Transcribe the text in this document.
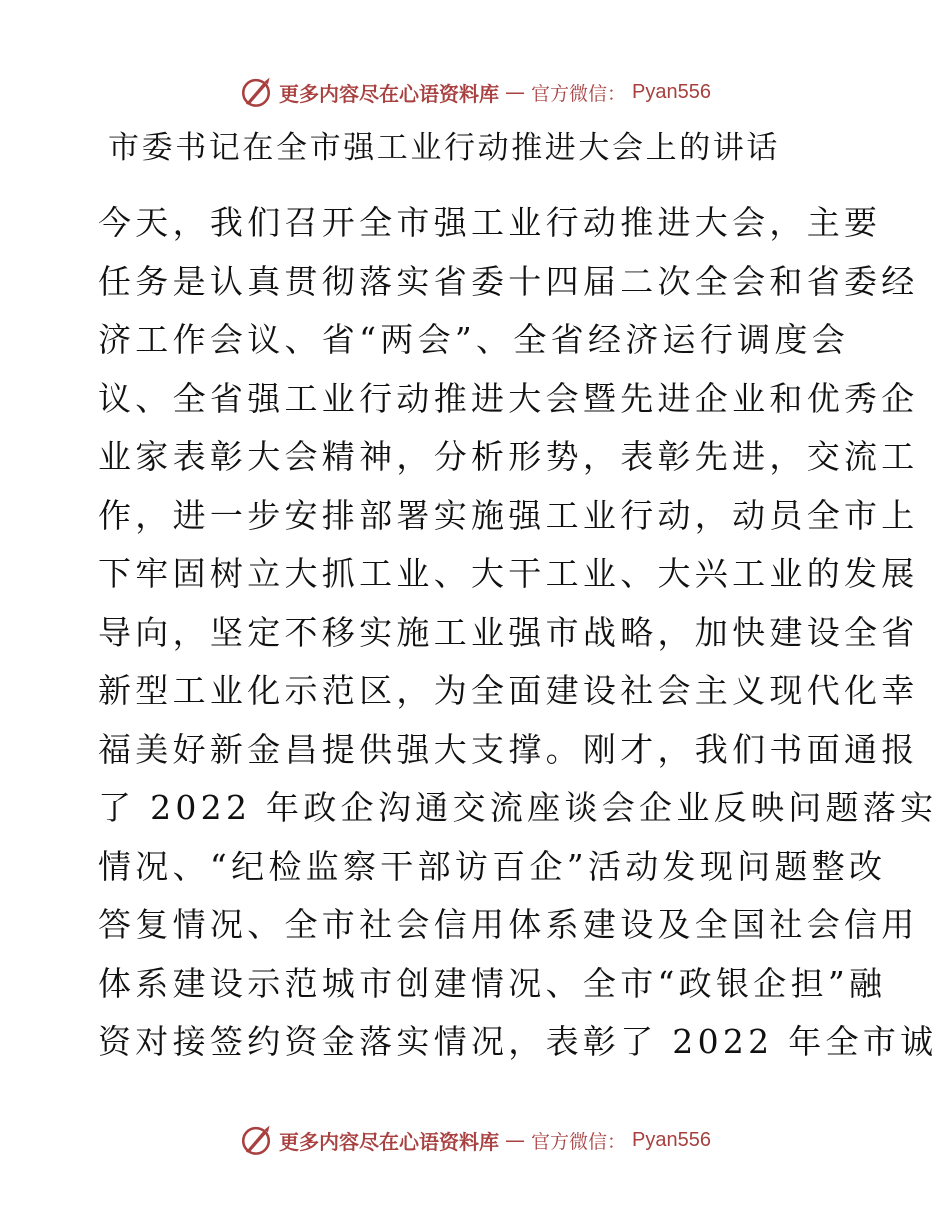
更多内容尽在心语资料库 — 官方微信： Pyan556
市委书记在全市强工业行动推进大会上的讲话
今天，我们召开全市强工业行动推进大会，主要
任务是认真贯彻落实省委十四届二次全会和省委经
济工作会议、省“两会”、全省经济运行调度会
议、全省强工业行动推进大会暨先进企业和优秀企
业家表彰大会精神，分析形势，表彰先进，交流工
作，进一步安排部署实施强工业行动，动员全市上
下牢固树立大抓工业、大干工业、大兴工业的发展
导向，坚定不移实施工业强市战略，加快建设全省
新型工业化示范区，为全面建设社会主义现代化幸
福美好新金昌提供强大支撑。刚才，我们书面通报
了 2022 年政企沟通交流座谈会企业反映问题落实
情况、“纪检监察干部访百企”活动发现问题整改
答复情况、全市社会信用体系建设及全国社会信用
体系建设示范城市创建情况、全市“政银企担”融
资对接签约资金落实情况，表彰了 2022 年全市诚
更多内容尽在心语资料库 — 官方微信： Pyan556
